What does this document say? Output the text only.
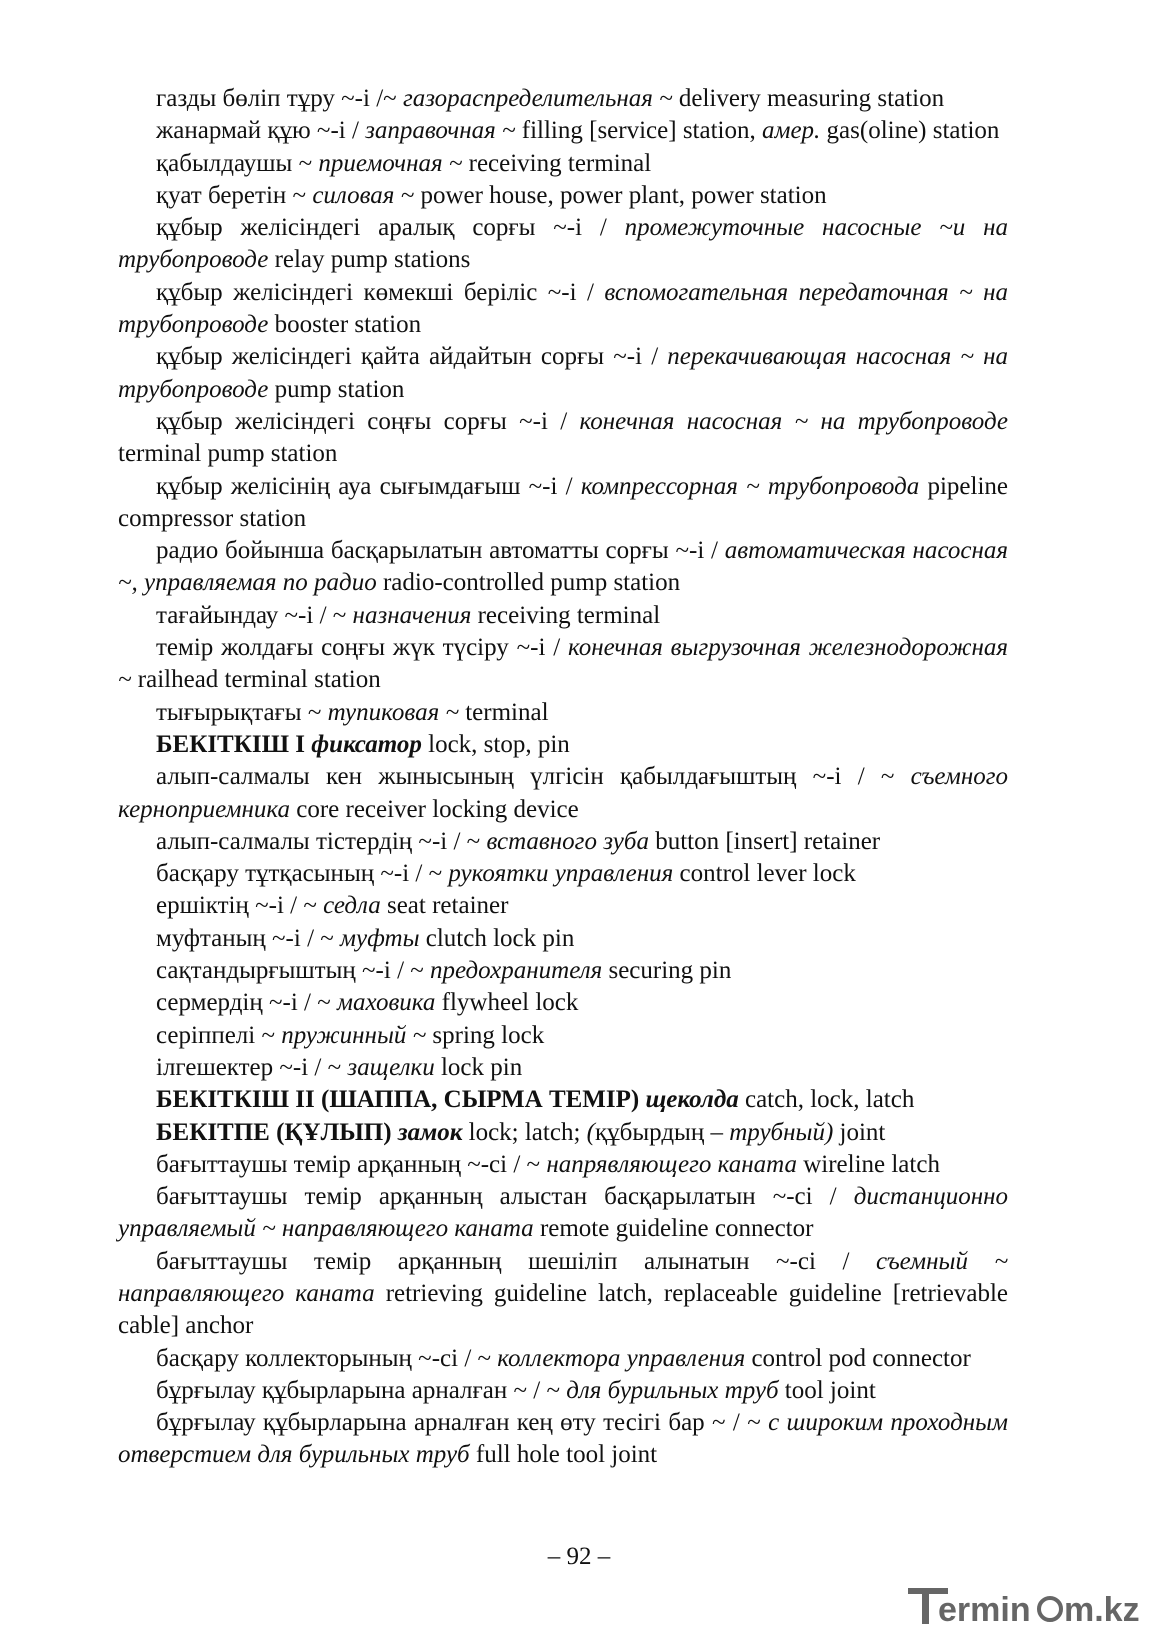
газды бөліп тұру ~-і /~ газораспределительная ~ delivery measuring station

жанармай құю ~-і / заправочная ~ filling [service] station, амер. gas(oline) station

қабылдаушы ~ приемочная ~ receiving terminal

қуат беретін ~ силовая ~ power house, power plant, power station

құбыр желісіндегі аралық сорғы ~-і / промежуточные насосные ~и на трубопроводе relay pump stations

құбыр желісіндегі көмекші беріліс ~-і / вспомогательная передаточная ~ на трубопроводе booster station

құбыр желісіндегі қайта айдайтын сорғы ~-і / перекачивающая насосная ~ на трубопроводе pump station

құбыр желісіндегі соңғы сорғы ~-і / конечная насосная ~ на трубопроводе terminal pump station

құбыр желісінің ауа сығымдағыш ~-і / компрессорная ~ трубопровода pipeline compressor station

радио бойынша басқарылатын автоматты сорғы ~-і / автоматическая насосная ~, управляемая по радио radio-controlled pump station

тағайындау ~-і / ~ назначения receiving terminal

темір жолдағы соңғы жүк түсіру ~-і / конечная выгрузочная железнодорожная ~ railhead terminal station

тығырықтағы ~ тупиковая ~ terminal

БЕКІТКІШ І фиксатор lock, stop, pin

алып-салмалы кен жынысының үлгісін қабылдағыштың ~-і / ~ съемного керноприемника core receiver locking device

алып-салмалы тістердің ~-і / ~ вставного зуба button [insert] retainer

басқару тұтқасының ~-і / ~ рукоятки управления control lever lock

ершіктің ~-і / ~ седла seat retainer

муфтаның ~-і / ~ муфты clutch lock pin

сақтандырғыштың ~-і / ~ предохранителя securing pin

сермердің ~-і / ~ маховика flywheel lock

серіппелі ~ пружинный ~ spring lock

ілгешектер ~-і / ~ защелки lock pin

БЕКІТКІШ ІІ (ШАППА, СЫРМА ТЕМІР) щеколда catch, lock, latch

БЕКІТПЕ (ҚҰЛЫП) замок lock; latch; (құбырдың – трубный) joint

бағыттаушы темір арқанның ~-сі / ~ напрявляющего каната wireline latch

бағыттаушы темір арқанның алыстан басқарылатын ~-сі / дистанционно управляемый ~ направляющего каната remote guideline connector

бағыттаушы темір арқанның шешіліп алынатын ~-сі / съемный ~ направляющего каната retrieving guideline latch, replaceable guideline [retrievable cable] anchor

басқару коллекторының ~-сі / ~ коллектора управления control pod connector

бұрғылау құбырларына арналған ~ / ~ для бурильных труб tool joint

бұрғылау құбырларына арналған кең өту тесігі бар ~ / ~ с широким проходным отверстием для бурильных труб full hole tool joint

– 92 –
ermin m.kz
